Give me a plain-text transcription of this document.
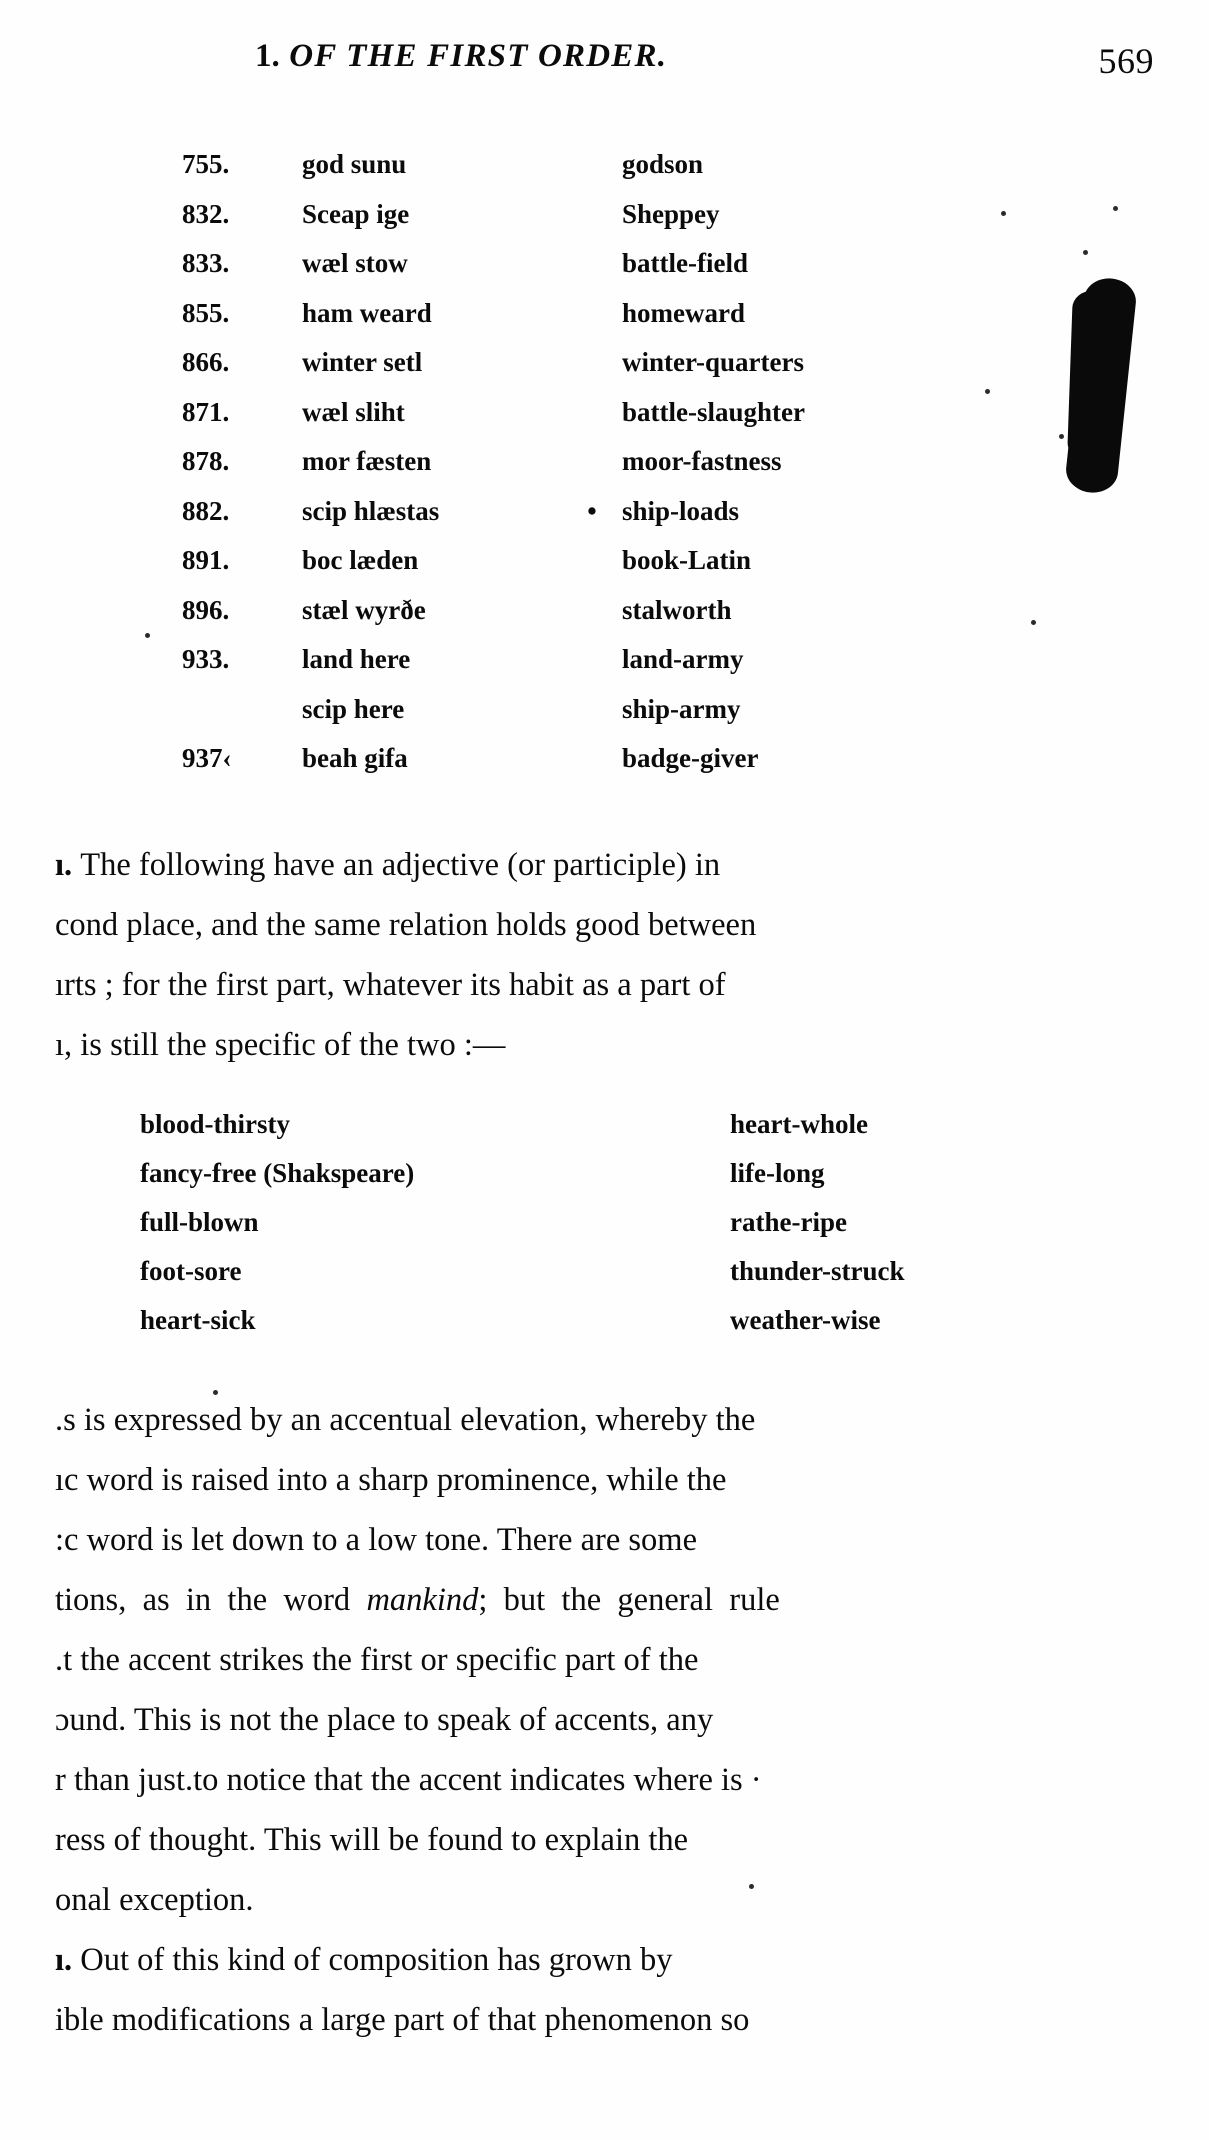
1. OF THE FIRST ORDER.	569
755.	god sunu		godson
832.	Sceap ige		Sheppey
833.	wæl stow		battle-field
855.	ham weard		homeward
866.	winter setl		winter-quarters
871.	wæl sliht		battle-slaughter
878.	mor fæsten		moor-fastness
882.	scip hlæstas	•	ship-loads
891.	boc læden		book-Latin
896.	stæl wyrðe		stalworth
933.	land here		land-army
	scip here		ship-army
937‹	beah gifa		badge-giver
ı. The following have an adjective (or participle) in
cond place, and the same relation holds good between
ırts ; for the first part, whatever its habit as a part of
ı, is still the specific of the two :—
blood-thirsty	heart-whole
fancy-free (Shakspeare)	life-long
full-blown	rathe-ripe
foot-sore	thunder-struck
heart-sick	weather-wise
.s is expressed by an accentual elevation, whereby the
ıc word is raised into a sharp prominence, while the
:c word is let down to a low tone. There are some
tions,  as  in  the  word  mankind;  but  the  general  rule
.t the accent strikes the first or specific part of the
ɔund. This is not the place to speak of accents, any
r than just.to notice that the accent indicates where is ·
ress of thought. This will be found to explain the
onal exception.
ı. Out of this kind of composition has grown by
ible modifications a large part of that phenomenon so
